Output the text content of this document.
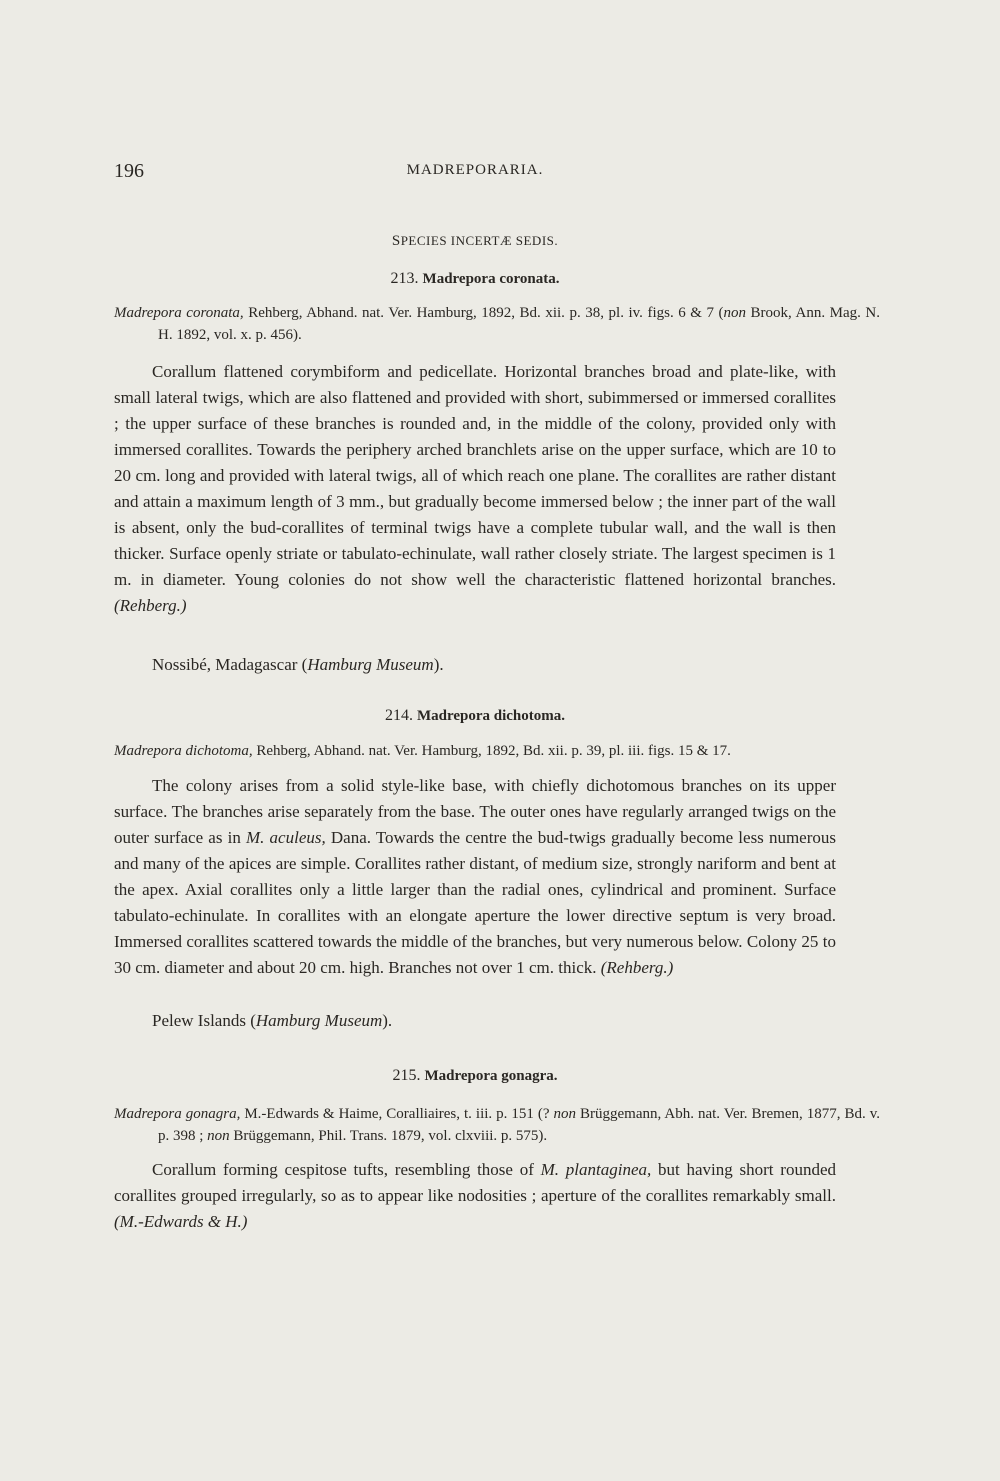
196	MADREPORARIA.
SPECIES INCERTÆ SEDIS.
213. Madrepora coronata.
Madrepora coronata, Rehberg, Abhand. nat. Ver. Hamburg, 1892, Bd. xii. p. 38, pl. iv. figs. 6 & 7 (non Brook, Ann. Mag. N. H. 1892, vol. x. p. 456).

Corallum flattened corymbiform and pedicellate. Horizontal branches broad and plate-like, with small lateral twigs, which are also flattened and provided with short, subimmersed or immersed corallites ; the upper surface of these branches is rounded and, in the middle of the colony, provided only with immersed corallites. Towards the periphery arched branchlets arise on the upper surface, which are 10 to 20 cm. long and provided with lateral twigs, all of which reach one plane. The corallites are rather distant and attain a maximum length of 3 mm., but gradually become immersed below ; the inner part of the wall is absent, only the bud-corallites of terminal twigs have a complete tubular wall, and the wall is then thicker. Surface openly striate or tabulato-echinulate, wall rather closely striate. The largest specimen is 1 m. in diameter. Young colonies do not show well the characteristic flattened horizontal branches. (Rehberg.)

Nossibé, Madagascar (Hamburg Museum).
214. Madrepora dichotoma.
Madrepora dichotoma, Rehberg, Abhand. nat. Ver. Hamburg, 1892, Bd. xii. p. 39, pl. iii. figs. 15 & 17.

The colony arises from a solid style-like base, with chiefly dichotomous branches on its upper surface. The branches arise separately from the base. The outer ones have regularly arranged twigs on the outer surface as in M. aculeus, Dana. Towards the centre the bud-twigs gradually become less numerous and many of the apices are simple. Corallites rather distant, of medium size, strongly nariform and bent at the apex. Axial corallites only a little larger than the radial ones, cylindrical and prominent. Surface tabulato-echinulate. In corallites with an elongate aperture the lower directive septum is very broad. Immersed corallites scattered towards the middle of the branches, but very numerous below. Colony 25 to 30 cm. diameter and about 20 cm. high. Branches not over 1 cm. thick. (Rehberg.)

Pelew Islands (Hamburg Museum).
215. Madrepora gonagra.
Madrepora gonagra, M.-Edwards & Haime, Coralliaires, t. iii. p. 151 (? non Brüggemann, Abh. nat. Ver. Bremen, 1877, Bd. v. p. 398 ; non Brüggemann, Phil. Trans. 1879, vol. clxviii. p. 575).

Corallum forming cespitose tufts, resembling those of M. plantaginea, but having short rounded corallites grouped irregularly, so as to appear like nodosities ; aperture of the corallites remarkably small. (M.-Edwards & H.)
